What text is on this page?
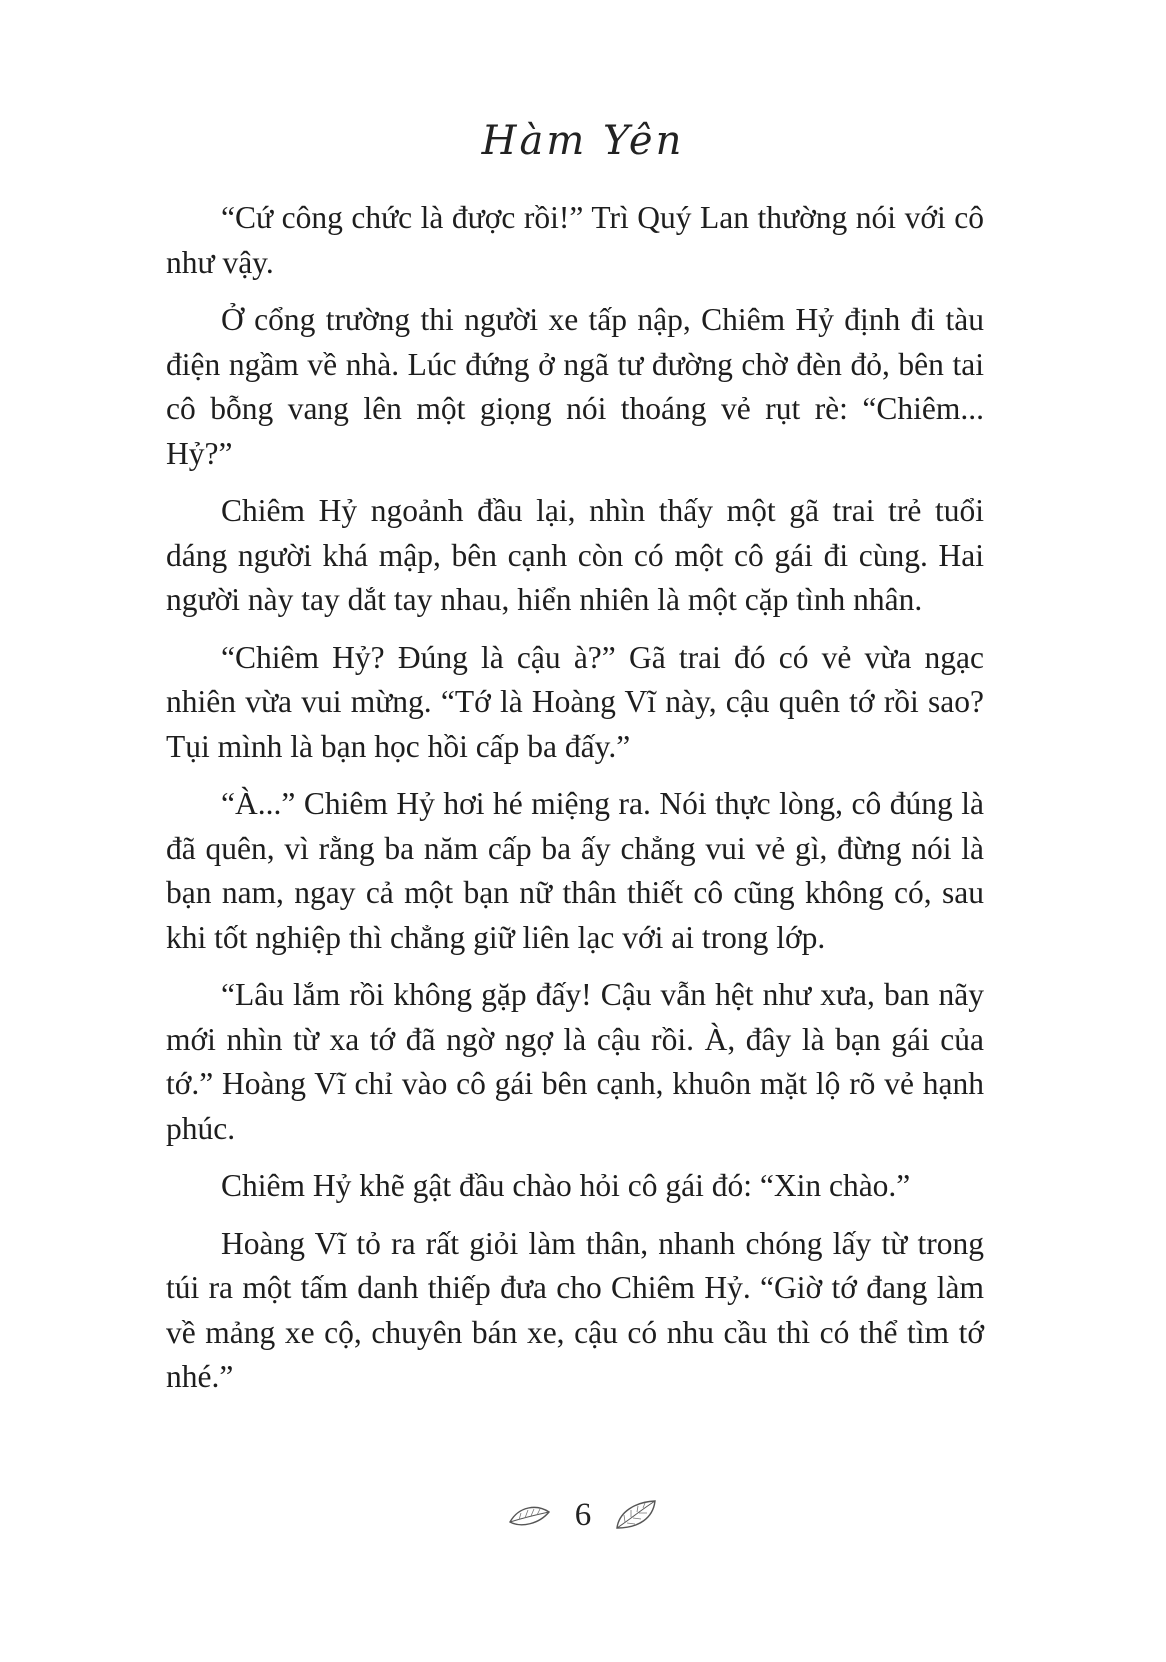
Hàm Yên

“Cứ công chức là được rồi!” Trì Quý Lan thường nói với cô như vậy.

Ở cổng trường thi người xe tấp nập, Chiêm Hỷ định đi tàu điện ngầm về nhà. Lúc đứng ở ngã tư đường chờ đèn đỏ, bên tai cô bỗng vang lên một giọng nói thoáng vẻ rụt rè: “Chiêm... Hỷ?”

Chiêm Hỷ ngoảnh đầu lại, nhìn thấy một gã trai trẻ tuổi dáng người khá mập, bên cạnh còn có một cô gái đi cùng. Hai người này tay dắt tay nhau, hiển nhiên là một cặp tình nhân.

“Chiêm Hỷ? Đúng là cậu à?” Gã trai đó có vẻ vừa ngạc nhiên vừa vui mừng. “Tớ là Hoàng Vĩ này, cậu quên tớ rồi sao? Tụi mình là bạn học hồi cấp ba đấy.”

“À...” Chiêm Hỷ hơi hé miệng ra. Nói thực lòng, cô đúng là đã quên, vì rằng ba năm cấp ba ấy chẳng vui vẻ gì, đừng nói là bạn nam, ngay cả một bạn nữ thân thiết cô cũng không có, sau khi tốt nghiệp thì chẳng giữ liên lạc với ai trong lớp.

“Lâu lắm rồi không gặp đấy! Cậu vẫn hệt như xưa, ban nãy mới nhìn từ xa tớ đã ngờ ngợ là cậu rồi. À, đây là bạn gái của tớ.” Hoàng Vĩ chỉ vào cô gái bên cạnh, khuôn mặt lộ rõ vẻ hạnh phúc.

Chiêm Hỷ khẽ gật đầu chào hỏi cô gái đó: “Xin chào.”

Hoàng Vĩ tỏ ra rất giỏi làm thân, nhanh chóng lấy từ trong túi ra một tấm danh thiếp đưa cho Chiêm Hỷ. “Giờ tớ đang làm về mảng xe cộ, chuyên bán xe, cậu có nhu cầu thì có thể tìm tớ nhé.”

6
